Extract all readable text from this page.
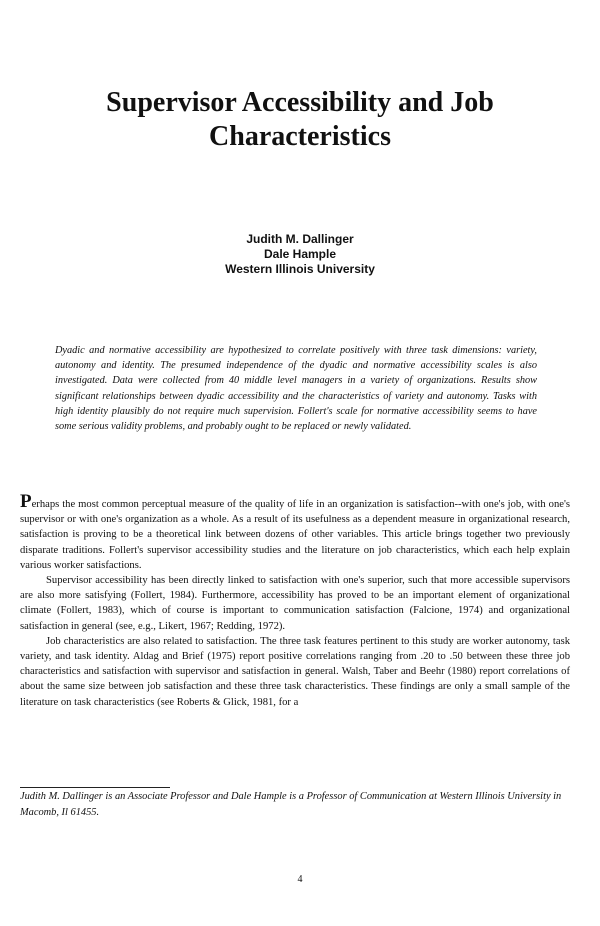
Supervisor Accessibility and Job
Characteristics
Judith M. Dallinger
Dale Hample
Western Illinois University

Dyadic and normative accessibility are hypothesized to correlate positively with three task dimensions: variety, autonomy and identity. The presumed independence of the dyadic and normative accessibility scales is also investigated. Data were collected from 40 middle level managers in a variety of organizations. Results show significant relationships between dyadic accessibility and the characteristics of variety and autonomy. Tasks with high identity plausibly do not require much supervision. Follert's scale for normative accessibility seems to have some serious validity problems, and probably ought to be replaced or newly validated.

Perhaps the most common perceptual measure of the quality of life in an organization is satisfaction--with one's job, with one's supervisor or with one's organization as a whole. As a result of its usefulness as a dependent measure in organizational research, satisfaction is proving to be a theoretical link between dozens of other variables. This article brings together two previously disparate traditions. Follert's supervisor accessibility studies and the literature on job characteristics, which each help explain various worker satisfactions.

Supervisor accessibility has been directly linked to satisfaction with one's superior, such that more accessible supervisors are also more satisfying (Follert, 1984). Furthermore, accessibility has proved to be an important element of organizational climate (Follert, 1983), which of course is important to communication satisfaction (Falcione, 1974) and organizational satisfaction in general (see, e.g., Likert, 1967; Redding, 1972).

Job characteristics are also related to satisfaction. The three task features pertinent to this study are worker autonomy, task variety, and task identity. Aldag and Brief (1975) report positive correlations ranging from .20 to .50 between these three job characteristics and satisfaction with supervisor and satisfaction in general. Walsh, Taber and Beehr (1980) report correlations of about the same size between job satisfaction and these three task characteristics. These findings are only a small sample of the literature on task characteristics (see Roberts & Glick, 1981, for a

Judith M. Dallinger is an Associate Professor and Dale Hample is a Professor of Communication at Western Illinois University in Macomb, Il 61455.

4
